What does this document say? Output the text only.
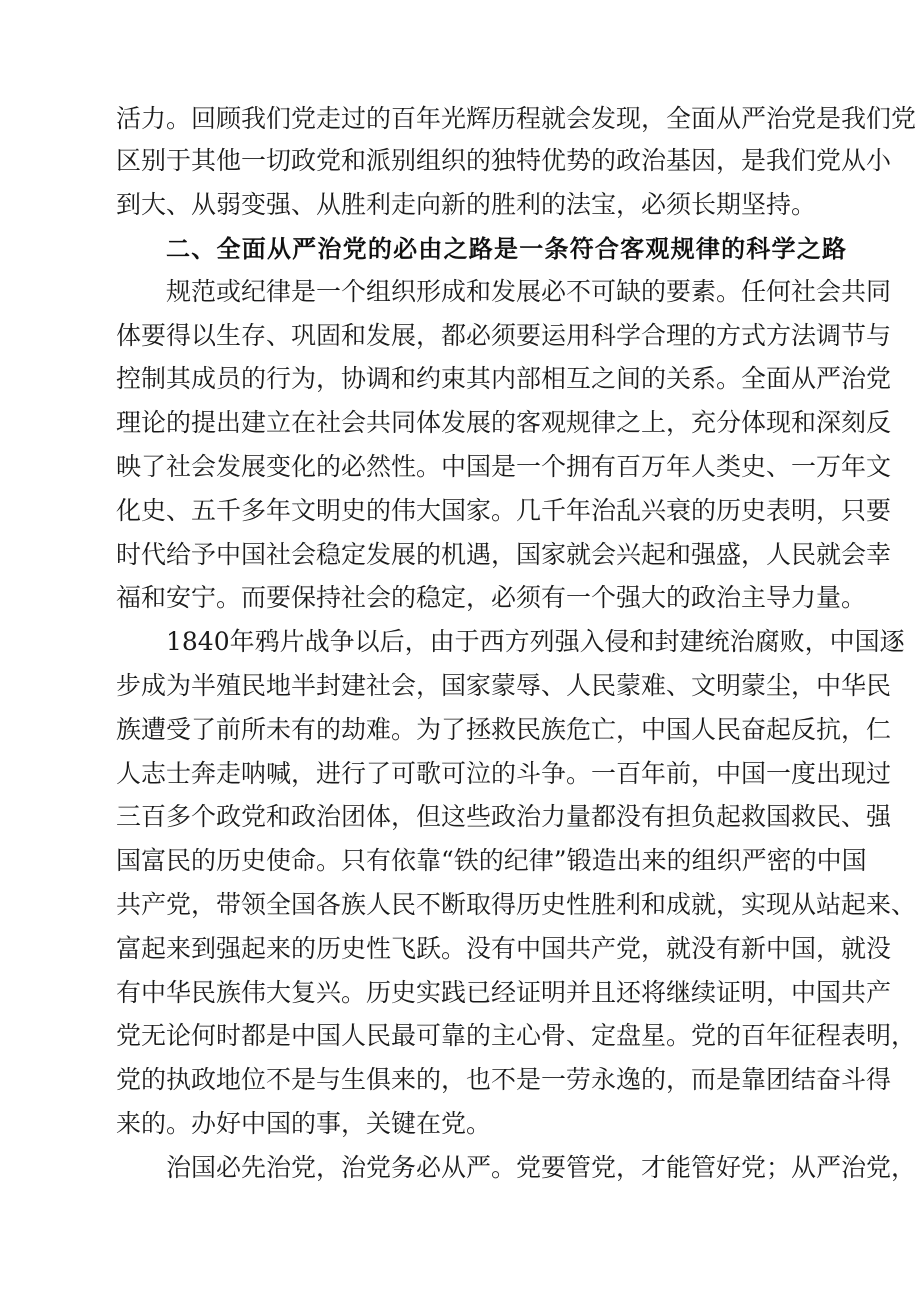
活力。回顾我们党走过的百年光辉历程就会发现，全面从严治党是我们党
区别于其他一切政党和派别组织的独特优势的政治基因，是我们党从小
到大、从弱变强、从胜利走向新的胜利的法宝，必须长期坚持。
二、全面从严治党的必由之路是一条符合客观规律的科学之路
规范或纪律是一个组织形成和发展必不可缺的要素。任何社会共同
体要得以生存、巩固和发展，都必须要运用科学合理的方式方法调节与
控制其成员的行为，协调和约束其内部相互之间的关系。全面从严治党
理论的提出建立在社会共同体发展的客观规律之上，充分体现和深刻反
映了社会发展变化的必然性。中国是一个拥有百万年人类史、一万年文
化史、五千多年文明史的伟大国家。几千年治乱兴衰的历史表明，只要
时代给予中国社会稳定发展的机遇，国家就会兴起和强盛，人民就会幸
福和安宁。而要保持社会的稳定，必须有一个强大的政治主导力量。
1840年鸦片战争以后，由于西方列强入侵和封建统治腐败，中国逐
步成为半殖民地半封建社会，国家蒙辱、人民蒙难、文明蒙尘，中华民
族遭受了前所未有的劫难。为了拯救民族危亡，中国人民奋起反抗，仁
人志士奔走呐喊，进行了可歌可泣的斗争。一百年前，中国一度出现过
三百多个政党和政治团体，但这些政治力量都没有担负起救国救民、强
国富民的历史使命。只有依靠“铁的纪律”锻造出来的组织严密的中国
共产党，带领全国各族人民不断取得历史性胜利和成就，实现从站起来、
富起来到强起来的历史性飞跃。没有中国共产党，就没有新中国，就没
有中华民族伟大复兴。历史实践已经证明并且还将继续证明，中国共产
党无论何时都是中国人民最可靠的主心骨、定盘星。党的百年征程表明，
党的执政地位不是与生俱来的，也不是一劳永逸的，而是靠团结奋斗得
来的。办好中国的事，关键在党。
治国必先治党，治党务必从严。党要管党，才能管好党；从严治党，
